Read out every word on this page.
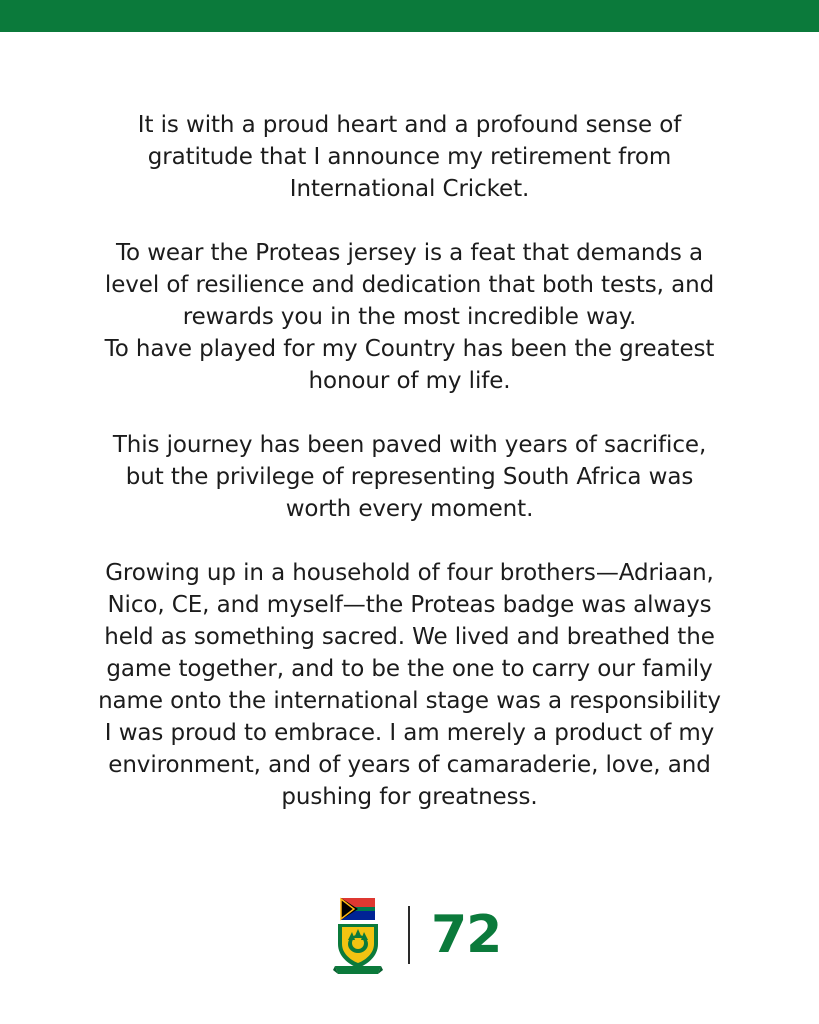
It is with a proud heart and a profound sense of
gratitude that I announce my retirement from
International Cricket.

To wear the Proteas jersey is a feat that demands a
level of resilience and dedication that both tests, and
rewards you in the most incredible way.
To have played for my Country has been the greatest
honour of my life.

This journey has been paved with years of sacrifice,
but the privilege of representing South Africa was
worth every moment.

Growing up in a household of four brothers—Adriaan,
Nico, CE, and myself—the Proteas badge was always
held as something sacred. We lived and breathed the
game together, and to be the one to carry our family
name onto the international stage was a responsibility
I was proud to embrace. I am merely a product of my
environment, and of years of camaraderie, love, and
pushing for greatness.

72
